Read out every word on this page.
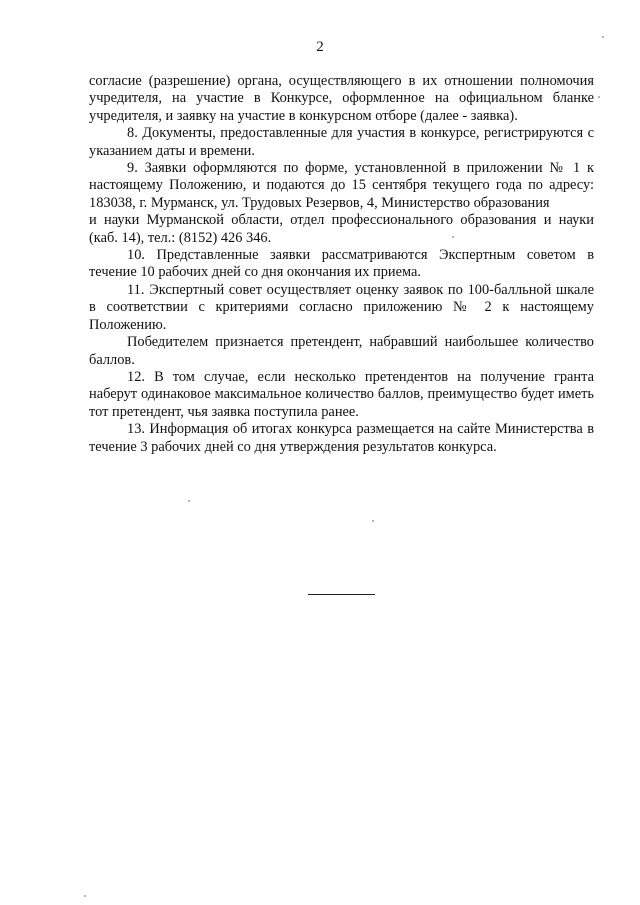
2

согласие (разрешение) органа, осуществляющего в их отношении полномочия учредителя, на участие в Конкурсе, оформленное на официальном бланке учредителя, и заявку на участие в конкурсном отборе (далее - заявка).

8. Документы, предоставленные для участия в конкурсе, регистрируются с указанием даты и времени.

9. Заявки оформляются по форме, установленной в приложении № 1 к настоящему Положению, и подаются до 15 сентября текущего года по адресу: 183038, г. Мурманск, ул. Трудовых Резервов, 4, Министерство образования

и науки Мурманской области, отдел профессионального образования и науки (каб. 14), тел.: (8152) 426 346.

10. Представленные заявки рассматриваются Экспертным советом в течение 10 рабочих дней со дня окончания их приема.

11. Экспертный совет осуществляет оценку заявок по 100-балльной шкале в соответствии с критериями согласно приложению № 2 к настоящему Положению.

Победителем признается претендент, набравший наибольшее количество баллов.

12. В том случае, если несколько претендентов на получение гранта наберут одинаковое максимальное количество баллов, преимущество будет иметь тот претендент, чья заявка поступила ранее.

13. Информация об итогах конкурса размещается на сайте Министерства в течение 3 рабочих дней со дня утверждения результатов конкурса.
